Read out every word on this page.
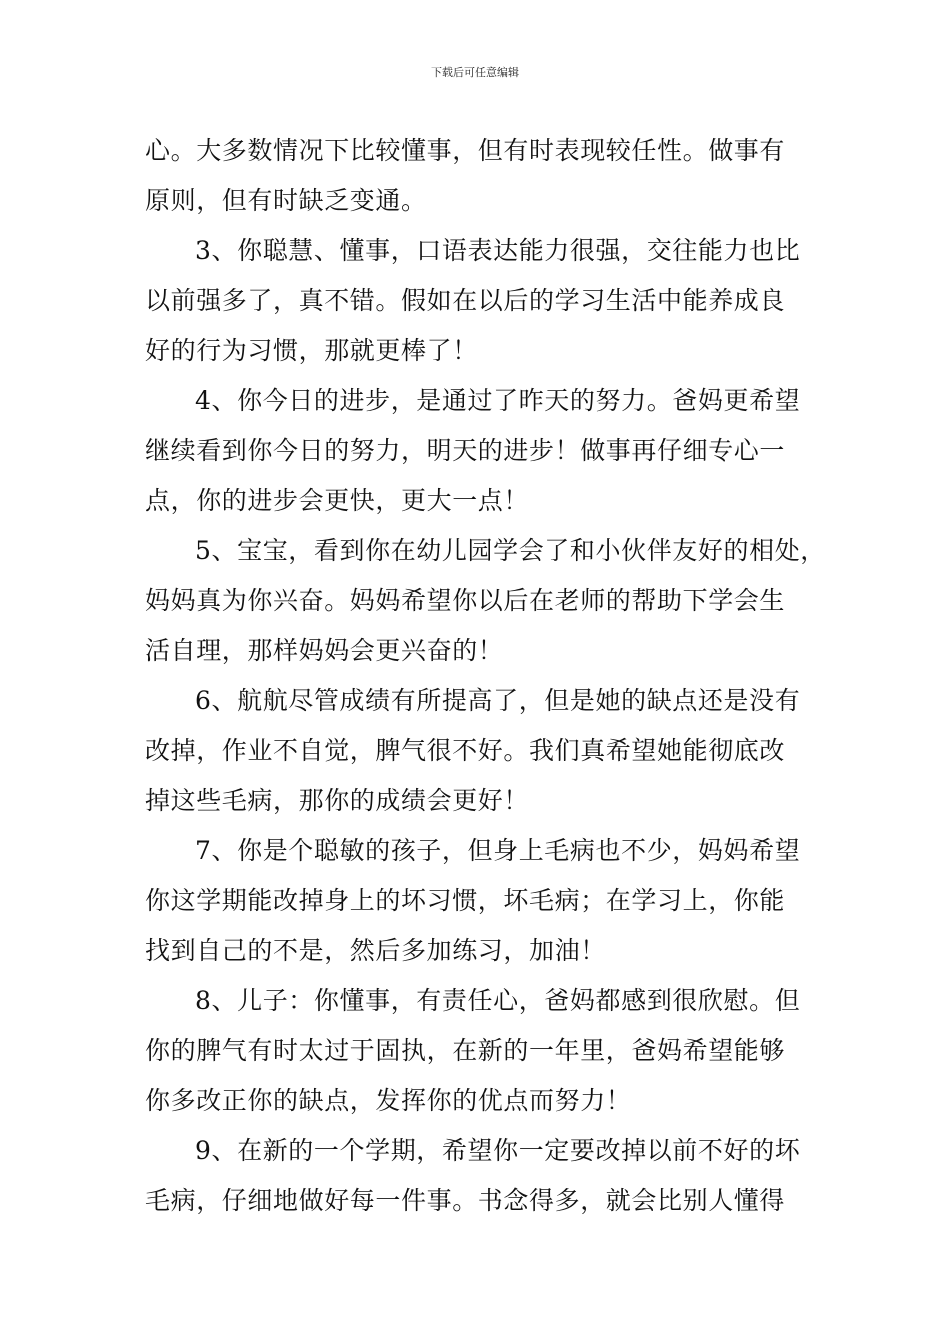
下载后可任意编辑
心。大多数情况下比较懂事，但有时表现较任性。做事有
原则，但有时缺乏变通。
3、你聪慧、懂事，口语表达能力很强，交往能力也比
以前强多了，真不错。假如在以后的学习生活中能养成良
好的行为习惯，那就更棒了！
4、你今日的进步，是通过了昨天的努力。爸妈更希望
继续看到你今日的努力，明天的进步！做事再仔细专心一
点，你的进步会更快，更大一点！
5、宝宝，看到你在幼儿园学会了和小伙伴友好的相处，
妈妈真为你兴奋。妈妈希望你以后在老师的帮助下学会生
活自理，那样妈妈会更兴奋的！
6、航航尽管成绩有所提高了，但是她的缺点还是没有
改掉，作业不自觉，脾气很不好。我们真希望她能彻底改
掉这些毛病，那你的成绩会更好！
7、你是个聪敏的孩子，但身上毛病也不少，妈妈希望
你这学期能改掉身上的坏习惯，坏毛病；在学习上，你能
找到自己的不是，然后多加练习，加油！
8、儿子：你懂事，有责任心，爸妈都感到很欣慰。但
你的脾气有时太过于固执，在新的一年里，爸妈希望能够
你多改正你的缺点，发挥你的优点而努力！
9、在新的一个学期，希望你一定要改掉以前不好的坏
毛病，仔细地做好每一件事。书念得多，就会比别人懂得
